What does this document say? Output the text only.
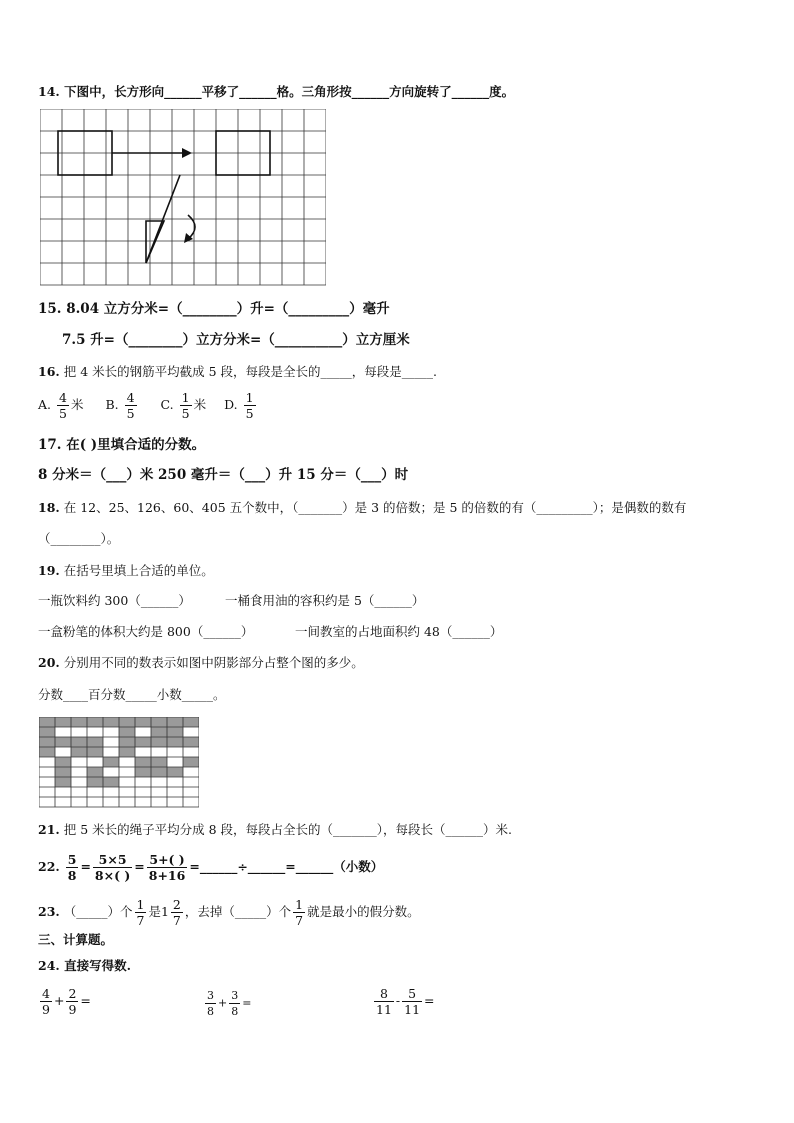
14. 下图中，长方形向______平移了______格。三角形按______方向旋转了______度。
15. 8.04 立方分米=（________）升=（_________）毫升
7.5 升=（________）立方分米=（__________）立方厘米
16. 把 4 米长的钢筋平均截成 5 段，每段是全长的_____，每段是_____.
A. $\frac{4}{5}$ 米 B. $\frac{4}{5} C$. $\frac{1}{5}$ 米 D. $\frac{1}{5}$
17. 在( )里填合适的分数。
8 分米＝（___）米 250 毫升＝（___）升 15 分＝（___）时
18. 在 12、25、126、60、405 五个数中，（_______）是 3 的倍数；是 5 的倍数的有（_________）；是偶数的数有
（________）。
19. 在括号里填上合适的单位。
一瓶饮料约 300（______）	一桶食用油的容积约是 5（______）
一盒粉笔的体积大约是 800（______）	一间教室的占地面积约 48（______）
20. 分别用不同的数表示如图中阴影部分占整个图的多少。
分数____百分数_____小数_____。
21. 把 5 米长的绳子平均分成 8 段，每段占全长的（_______），每段长（______）米.
22. $\frac{5}{8} = \frac{5\times 5}{8\times( )} = \frac{5+( )}{8+16}$ =______÷______=______（小数）
23. （_____）个 $\frac{1}{7}$ 是$1 \frac{2}{7}$ ，去掉（_____）个 $\frac{1}{7}$ 就是最小的假分数。
三、计算题。
24. 直接写得数.
$\frac{4}{9} + \frac{2}{9}$ =	$\frac{3}{8} + \frac{3}{8}$ =	$\frac{8}{11} - \frac{5}{11}$ =
